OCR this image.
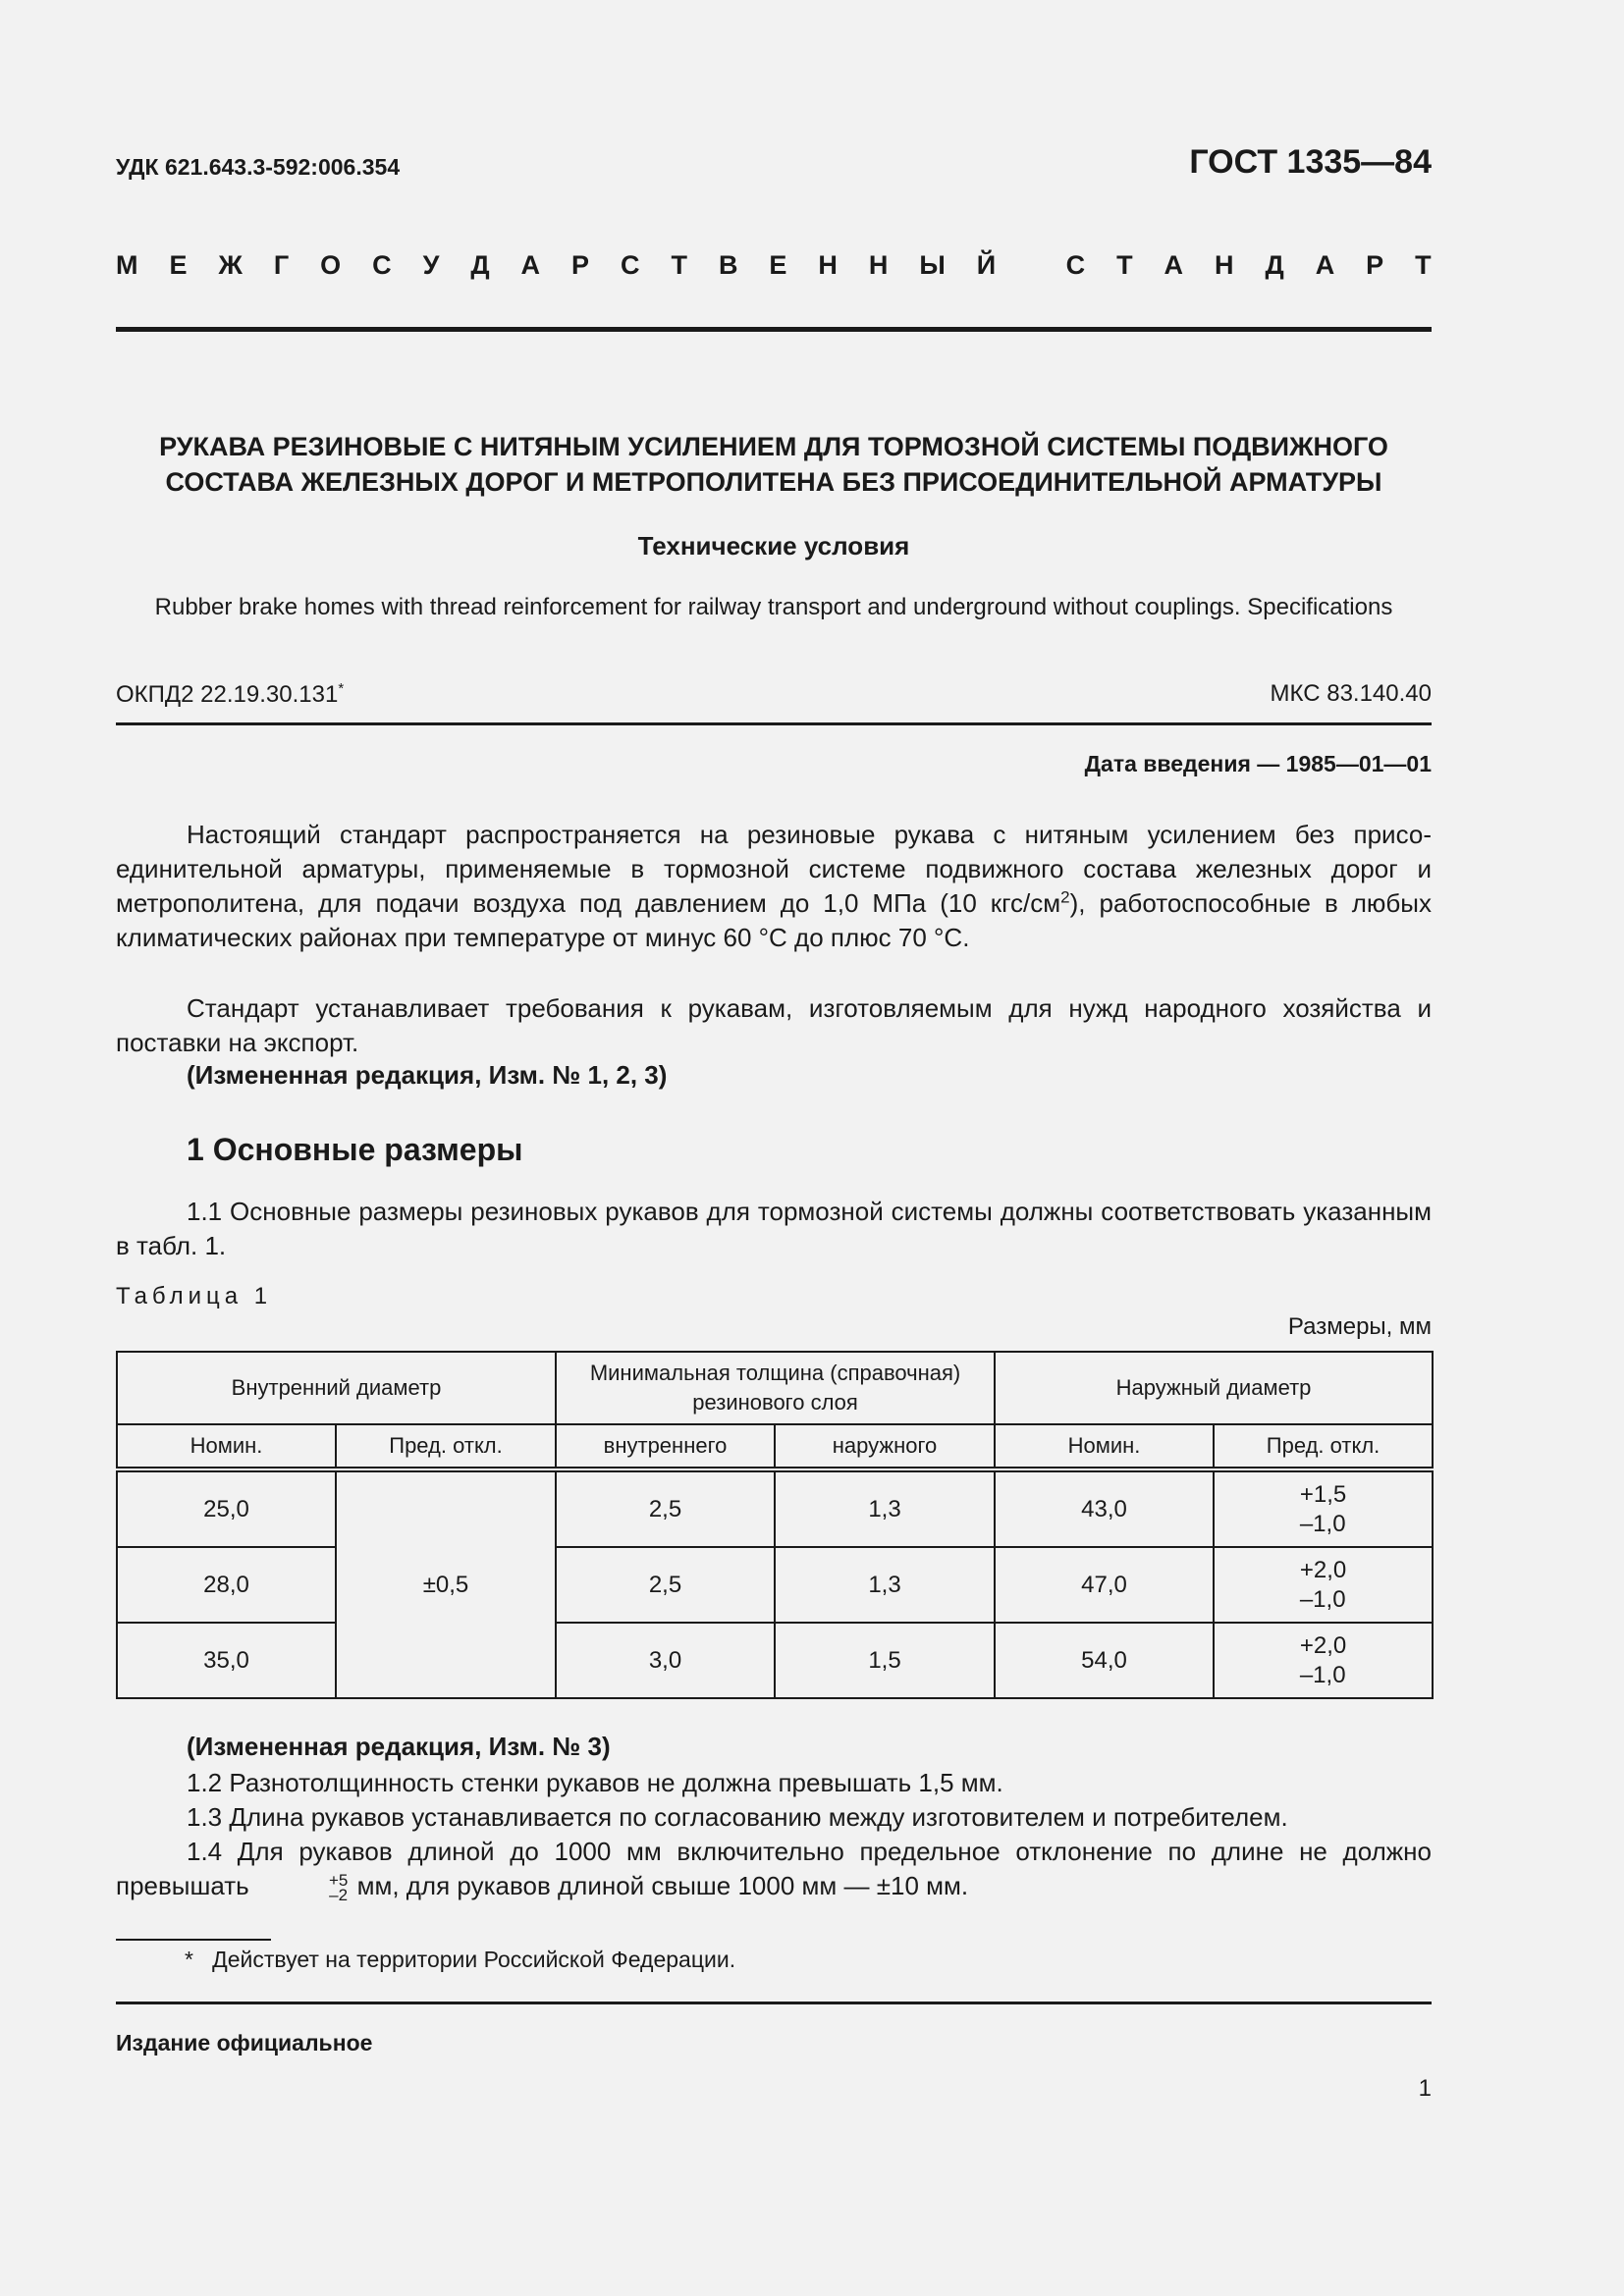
УДК 621.643.3-592:006.354	ГОСТ 1335—84
М Е Ж Г О С У Д А Р С Т В Е Н Н Ы Й
	С Т А Н Д А Р Т
РУКАВА РЕЗИНОВЫЕ С НИТЯНЫМ УСИЛЕНИЕМ ДЛЯ ТОРМОЗНОЙ СИСТЕМЫ ПОДВИЖНОГО
СОСТАВА ЖЕЛЕЗНЫХ ДОРОГ И МЕТРОПОЛИТЕНА БЕЗ ПРИСОЕДИНИТЕЛЬНОЙ АРМАТУРЫ
Технические условия
Rubber brake homes with thread reinforcement for railway transport and underground without couplings. Specifications
ОКПД2 22.19.30.131*	МКС 83.140.40
Дата введения — 1985—01—01
Настоящий стандарт распространяется на резиновые рукава с нитяным усилением без присоединительной арматуры, применяемые в тормозной системе подвижного состава железных дорог и метрополитена, для подачи воздуха под давлением до 1,0 МПа (10 кгс/$см^2$), работоспособные в любых климатических районах при температуре от минус 60 °С до плюс 70 °С.
Стандарт устанавливает требования к рукавам, изготовляемым для нужд народного хозяйства и поставки на экспорт.
(Измененная редакция, Изм. № 1, 2, 3)
1 Основные размеры
1.1 Основные размеры резиновых рукавов для тормозной системы должны соответствовать указанным в табл. 1.
Таблица 1
Размеры, мм
Внутренний диаметр		Минимальная толщина (справочная) резинового слоя		Наружный диаметр	
Номин.	Пред. откл.	внутреннего	наружного	Номин.	Пред. откл.
25,0	±0,5	2,5	1,3	43,0	+1,5
–1,0

28,0		2,5	1,3	47,0	+2,0
–1,0

35,0		3,0	1,5	54,0	+2,0
–1,0
(Измененная редакция, Изм. № 3)
1.2 Разнотолщинность стенки рукавов не должна превышать 1,5 мм.
1.3 Длина рукавов устанавливается по согласованию между изготовителем и потребителем.
1.4 Для рукавов длиной до 1000 мм включительно предельное отклонение по длине не должно превышать	+5
–2 мм, для рукавов длиной свыше 1000 мм — ±10 мм.
* Действует на территории Российской Федерации.
Издание официальное
1
